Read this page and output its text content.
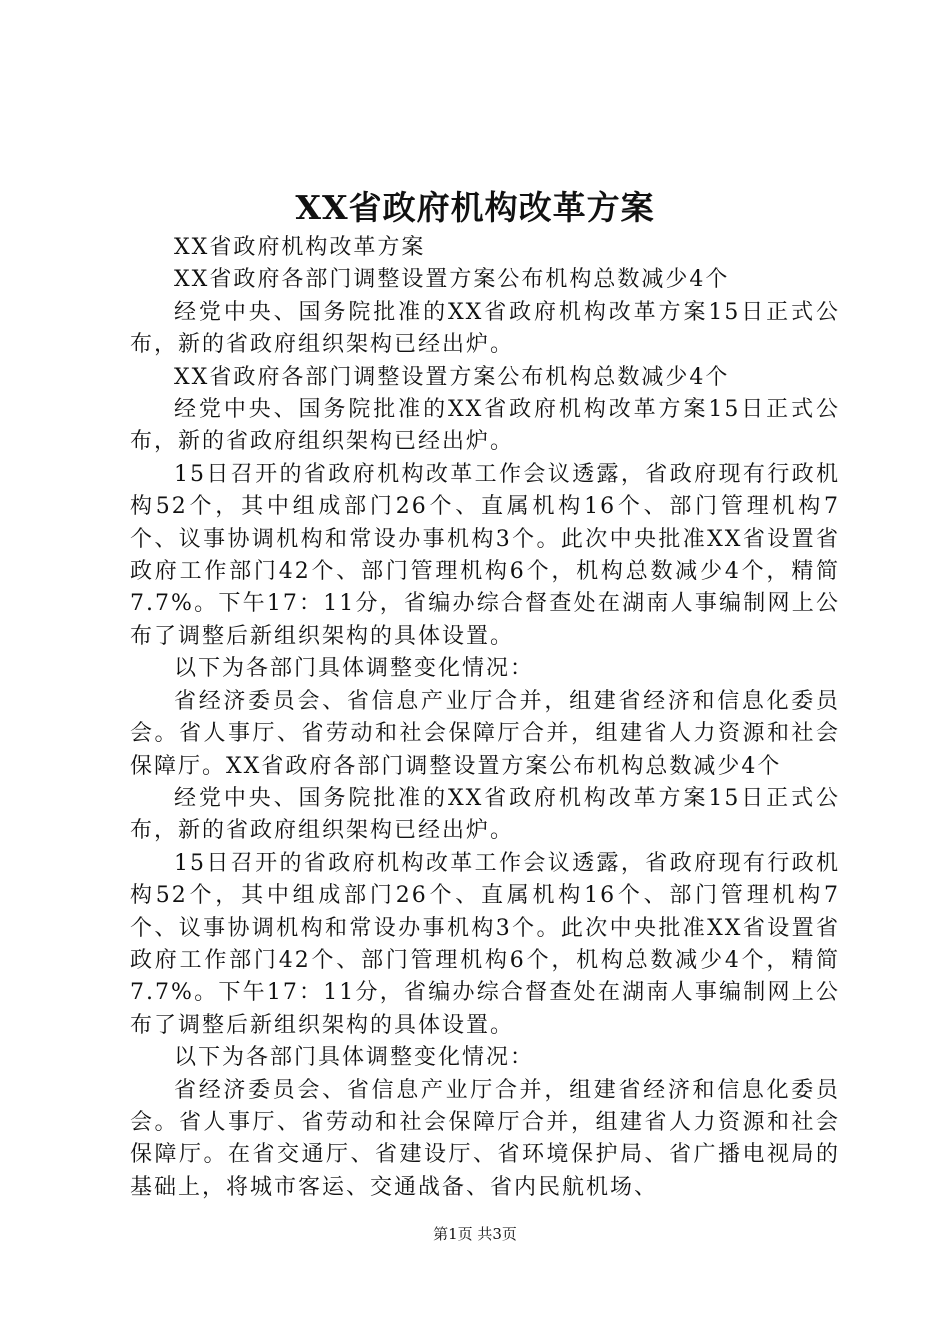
XX省政府机构改革方案

XX省政府机构改革方案

XX省政府各部门调整设置方案公布机构总数减少4个

经党中央、国务院批准的XX省政府机构改革方案15日正式公布，新的省政府组织架构已经出炉。

XX省政府各部门调整设置方案公布机构总数减少4个

经党中央、国务院批准的XX省政府机构改革方案15日正式公布，新的省政府组织架构已经出炉。

15日召开的省政府机构改革工作会议透露，省政府现有行政机构52个，其中组成部门26个、直属机构16个、部门管理机构7个、议事协调机构和常设办事机构3个。此次中央批准XX省设置省政府工作部门42个、部门管理机构6个，机构总数减少4个，精简7.7%。下午17：11分，省编办综合督查处在湖南人事编制网上公布了调整后新组织架构的具体设置。

以下为各部门具体调整变化情况：

省经济委员会、省信息产业厅合并，组建省经济和信息化委员会。省人事厅、省劳动和社会保障厅合并，组建省人力资源和社会保障厅。XX省政府各部门调整设置方案公布机构总数减少4个

经党中央、国务院批准的XX省政府机构改革方案15日正式公布，新的省政府组织架构已经出炉。

15日召开的省政府机构改革工作会议透露，省政府现有行政机构52个，其中组成部门26个、直属机构16个、部门管理机构7个、议事协调机构和常设办事机构3个。此次中央批准XX省设置省政府工作部门42个、部门管理机构6个，机构总数减少4个，精简7.7%。下午17：11分，省编办综合督查处在湖南人事编制网上公布了调整后新组织架构的具体设置。

以下为各部门具体调整变化情况：

省经济委员会、省信息产业厅合并，组建省经济和信息化委员会。省人事厅、省劳动和社会保障厅合并，组建省人力资源和社会保障厅。在省交通厅、省建设厅、省环境保护局、省广播电视局的基础上，将城市客运、交通战备、省内民航机场、

第1页 共3页
